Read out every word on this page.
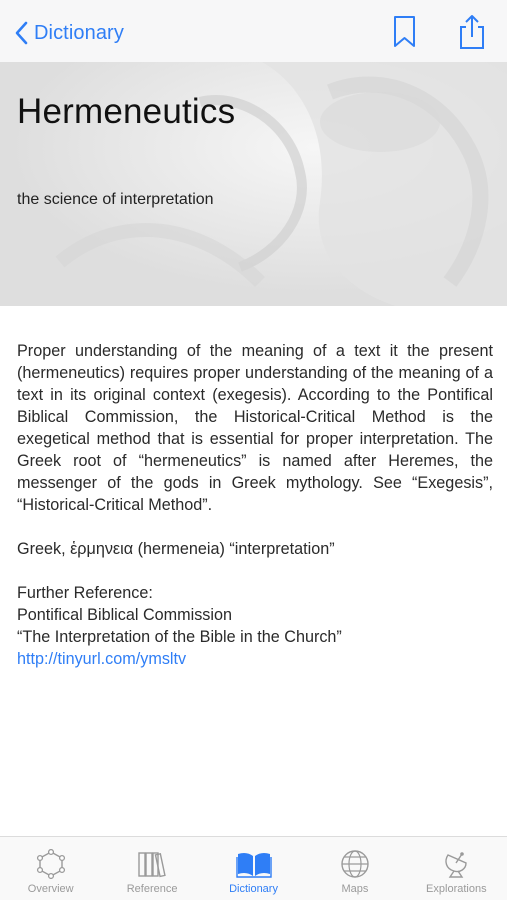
Dictionary
Hermeneutics
the science of interpretation

Proper understanding of the meaning of a text it the present (hermeneutics) requires proper understanding of the meaning of a text in its original context (exegesis). According to the Pontifical Biblical Commission, the Historical-Critical Method is the exegetical method that is essential for proper interpretation. The Greek root of “hermeneutics” is named after Heremes, the messenger of the gods in Greek mythology. See “Exegesis”, “Historical-Critical Method”.

Greek, ἑρμηνεια (hermeneia) “interpretation”

Further Reference:
Pontifical Biblical Commission
“The Interpretation of the Bible in the Church”
http://tinyurl.com/ymsltv
Overview	Reference	Dictionary	Maps	Explorations
